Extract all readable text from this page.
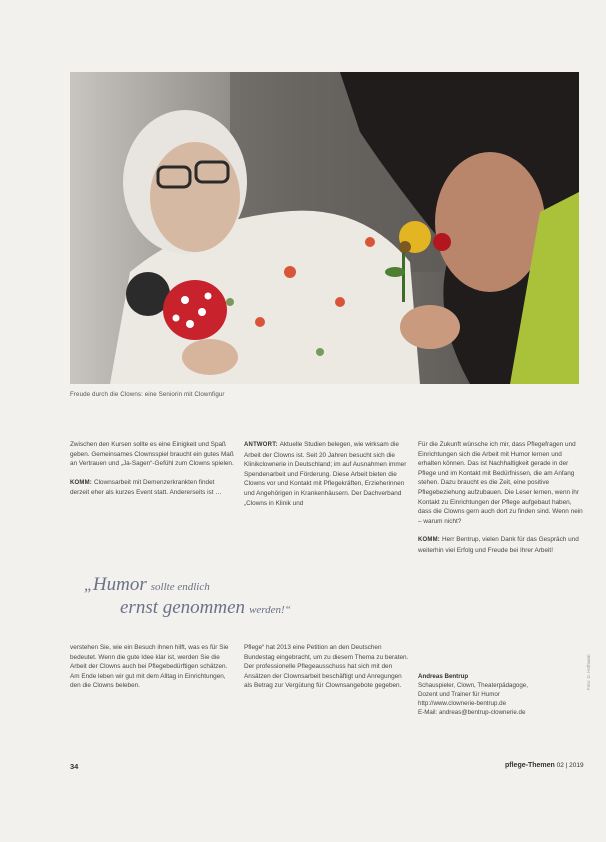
Freude durch die Clowns: eine Seniorin mit Clownfigur

Zwischen den Kursen sollte es eine Einigkeit und Spaß geben. Gemeinsames Clownsspiel braucht ein gutes Maß an Vertrauen und „Ja-Sagen“-Gefühl zum Clowns spielen.

KOMM: Clownsarbeit mit Demenzerkrankten findet derzeit eher als kurzes Event statt. Andererseits ist …

ANTWORT: Aktuelle Studien belegen, wie wirksam die Arbeit der Clowns ist. Seit 20 Jahren besucht sich die Klinikclownerie in Deutschland; im auf Ausnahmen immer Spendenarbeit und Förderung. Diese Arbeit bieten die Clowns vor und Kontakt mit Pflegekräften, Erzieherinnen und Angehörigen in Krankenhäusern. Der Dachverband „Clowns in Klinik und

Für die Zukunft wünsche ich mir, dass Pflegefragen und Einrichtungen sich die Arbeit mit Humor lernen und erhalten können. Das ist Nachhaltigkeit gerade in der Pflege und im Kontakt mit Bedürfnissen, die am Anfang stehen. Dazu braucht es die Zeit, eine positive Pflegebeziehung aufzubauen. Die Leser lernen, wenn ihr Kontakt zu Einrichtungen der Pflege aufgebaut haben, dass die Clowns gern auch dort zu finden sind. Wenn nein – warum nicht?

KOMM: Herr Bentrup, vielen Dank für das Gespräch und weiterhin viel Erfolg und Freude bei Ihrer Arbeit!

„Humor sollte endlich
ernst genommen werden!“

verstehen Sie, wie ein Besuch ihnen hilft, was es für Sie bedeutet. Wenn die gute Idee klar ist, werden Sie die Arbeit der Clowns auch bei Pflegebedürftigen schätzen. Am Ende leben wir gut mit dem Alltag in Einrichtungen, den die Clowns beleben.

Pflege“ hat 2013 eine Petition an den Deutschen Bundestag eingebracht, um zu diesem Thema zu beraten. Der professionelle Pflegeausschuss hat sich mit den Ansätzen der Clownsarbeit beschäftigt und Anregungen als Betrag zur Vergütung für Clownsangebote gegeben.

Andreas Bentrup
Schauspieler, Clown, Theaterpädagoge,
Dozent und Trainer für Humor
http://www.clownerie-bentrup.de
E-Mail: andreas@bentrup-clownerie.de
34	pflege-Themen 02 | 2019
Foto: D. Hofmann
